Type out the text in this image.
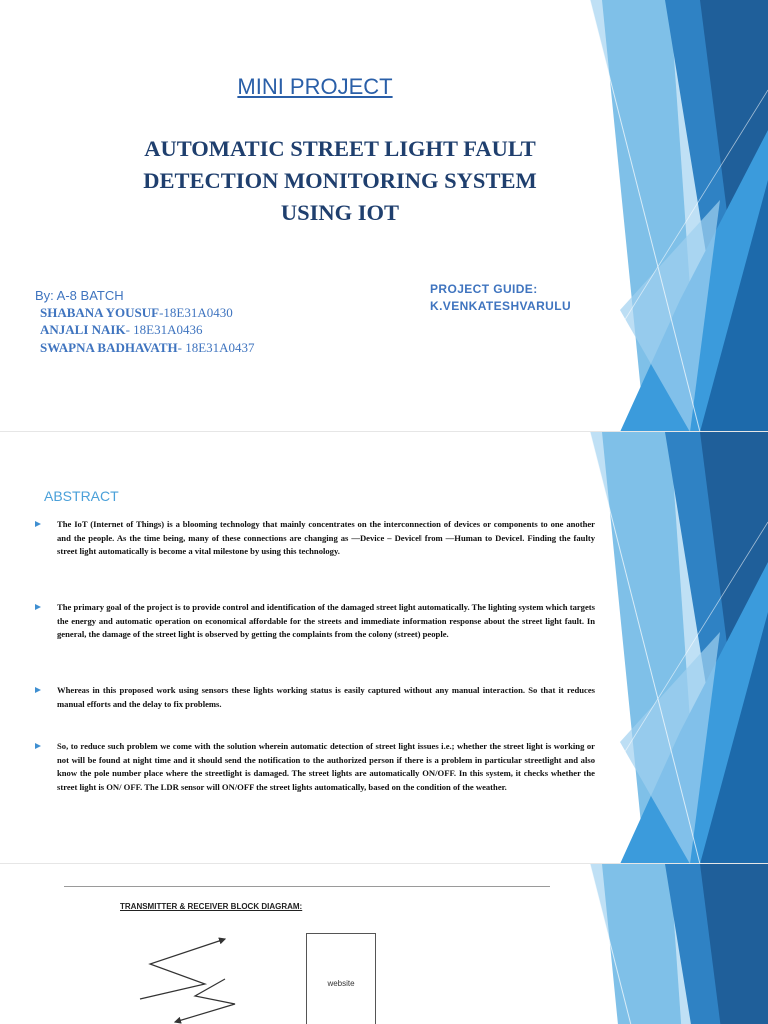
MINI PROJECT
AUTOMATIC STREET LIGHT FAULT
DETECTION MONITORING SYSTEM
USING IOT
By: A-8 BATCH
SHABANA YOUSUF-18E31A0430
ANJALI NAIK- 18E31A0436
SWAPNA BADHAVATH- 18E31A0437
PROJECT GUIDE:
K.VENKATESHVARULU
ABSTRACT
The IoT (Internet of Things) is a blooming technology that mainly concentrates on the interconnection of devices or components to one another and the people. As the time being, many of these connections are changing as ―Device – Device‖ from ―Human to Device‖. Finding the faulty street light automatically is become a vital milestone by using this technology.
The primary goal of the project is to provide control and identification of the damaged street light automatically. The lighting system which targets the energy and automatic operation on economical affordable for the streets and immediate information response about the street light fault. In general, the damage of the street light is observed by getting the complaints from the colony (street) people.
Whereas in this proposed work using sensors these lights working status is easily captured without any manual interaction. So that it reduces manual efforts and the delay to fix problems.
So, to reduce such problem we come with the solution wherein automatic detection of street light issues i.e.; whether the street light is working or not will be found at night time and it should send the notification to the authorized person if there is a problem in particular streetlight and also know the pole number place where the streetlight is damaged. The street lights are automatically ON/OFF. In this system, it checks whether the street light is ON/ OFF. The LDR sensor will ON/OFF the street lights automatically, based on the condition of the weather.
TRANSMITTER & RECEIVER BLOCK DIAGRAM:
website
